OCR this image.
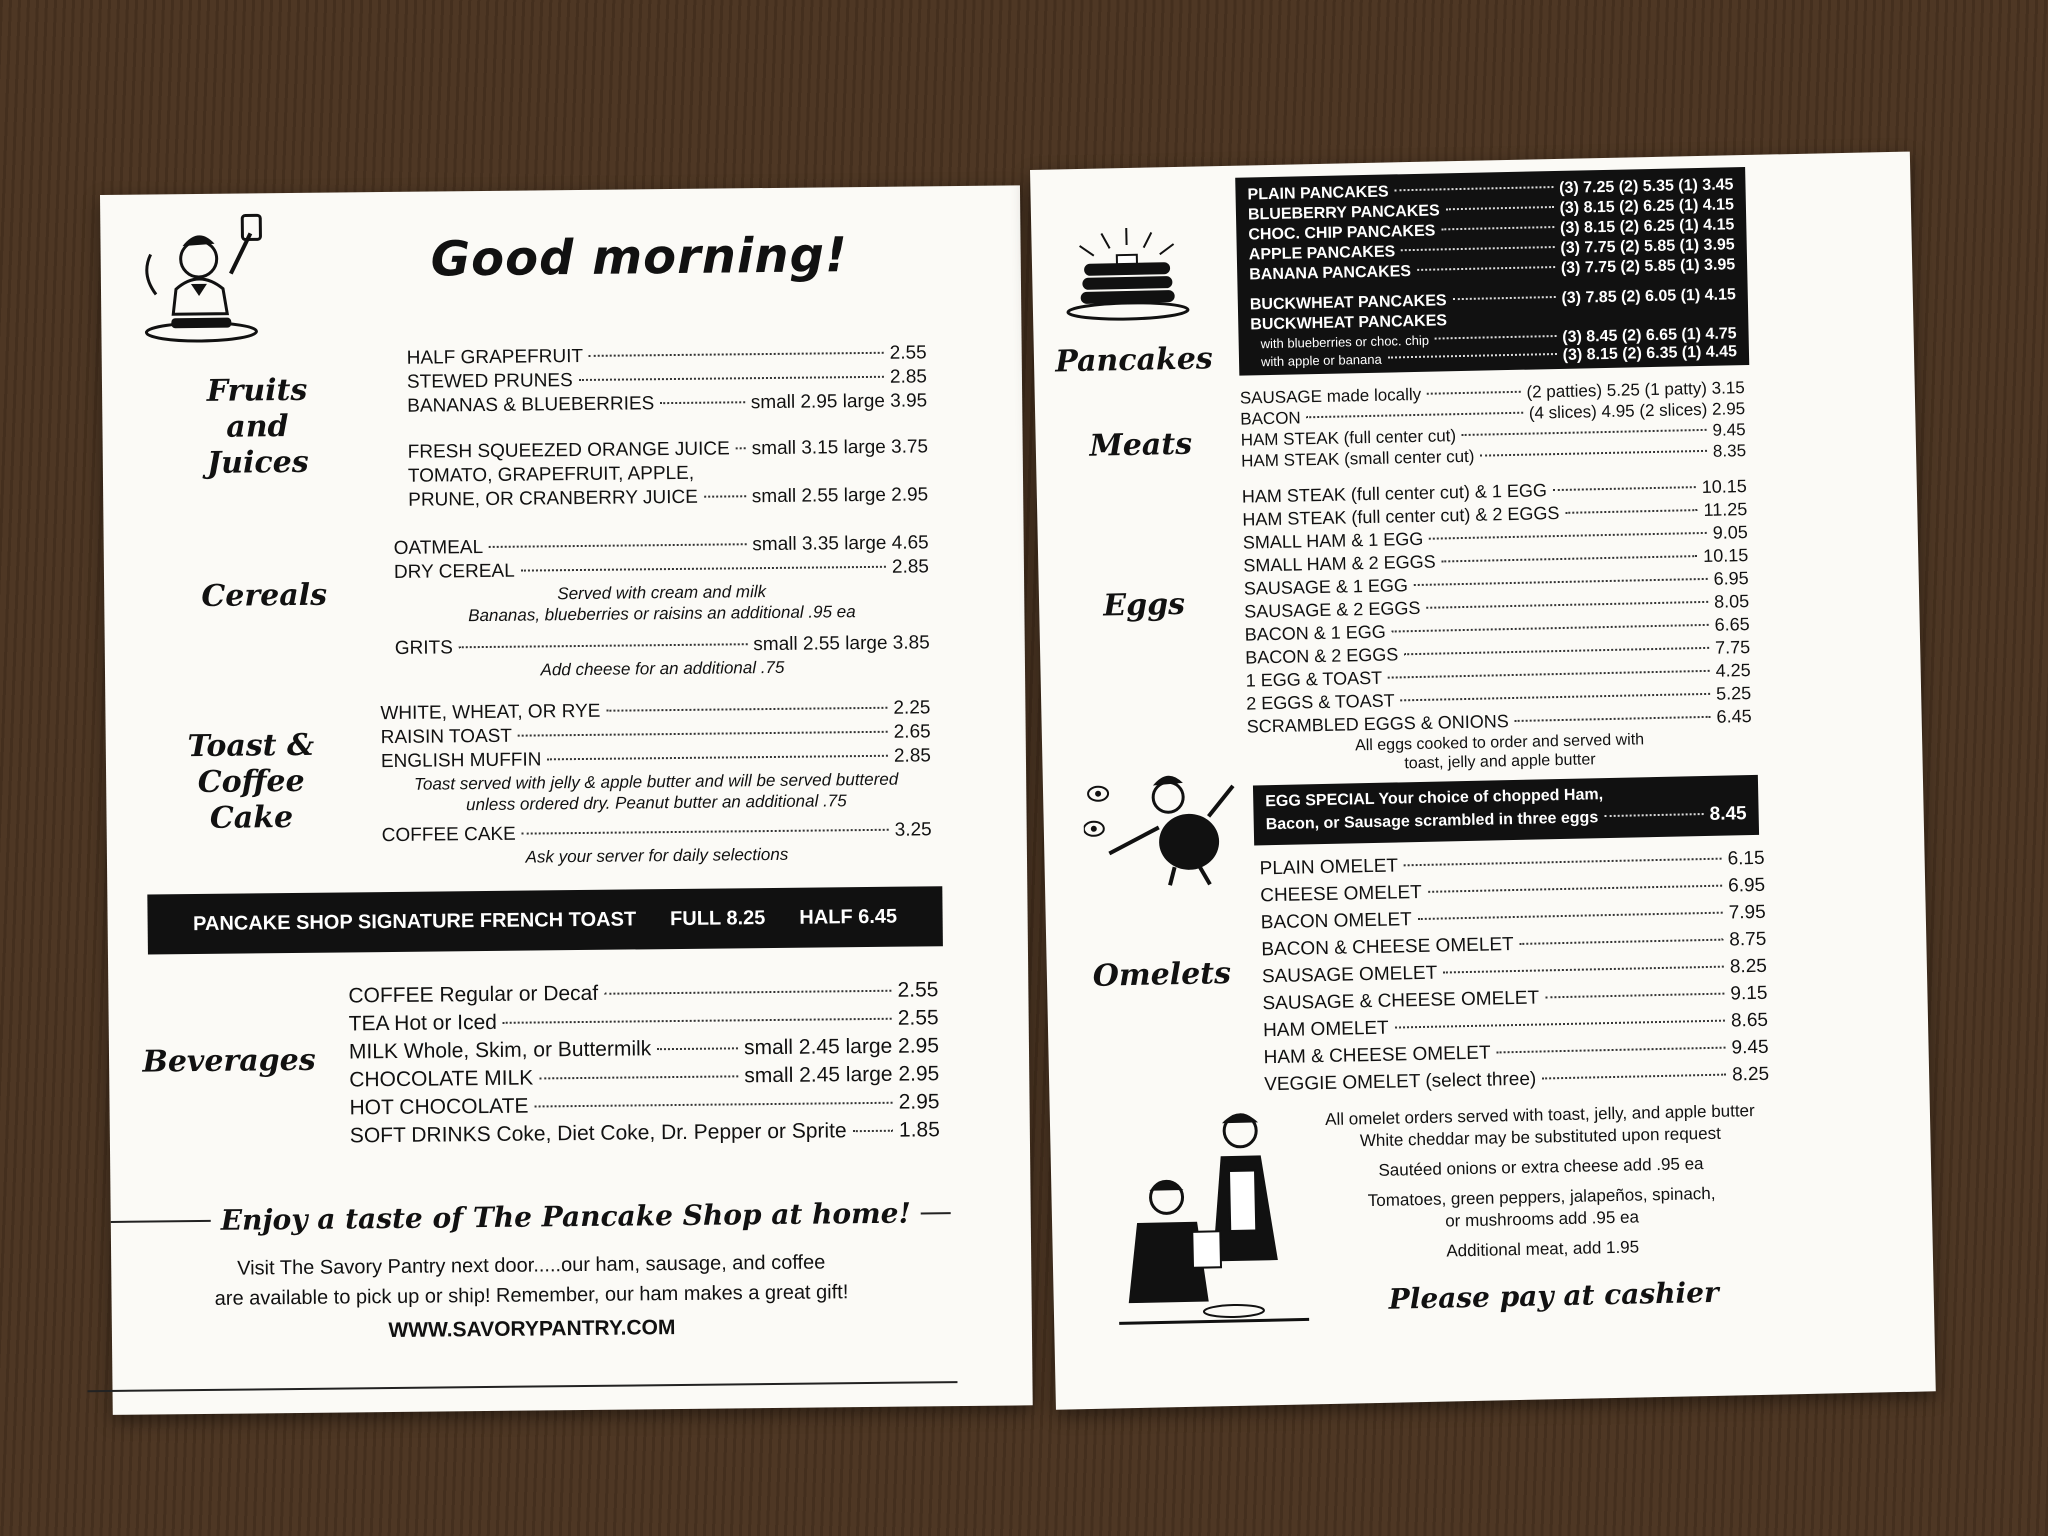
Good morning!
Fruits and Juices
HALF GRAPEFRUIT	2.55
STEWED PRUNES	2.85
BANANAS & BLUEBERRIES	small 2.95 large 3.95
FRESH SQUEEZED ORANGE JUICE small 3.15 large 3.75
TOMATO, GRAPEFRUIT, APPLE,
PRUNE, OR CRANBERRY JUICE	small 2.55 large 2.95
Cereals
OATMEAL	small 3.35 large 4.65
DRY CEREAL	2.85
Served with cream and milk
Bananas, blueberries or raisins an additional .95 ea
GRITS	small 2.55 large 3.85
Add cheese for an additional .75
Toast & Coffee Cake
WHITE, WHEAT, OR RYE	2.25
RAISIN TOAST	2.65
ENGLISH MUFFIN	2.85
Toast served with jelly & apple butter and will be served buttered unless ordered dry. Peanut butter an additional .75
COFFEE CAKE	3.25
Ask your server for daily selections
PANCAKE SHOP SIGNATURE FRENCH TOAST FULL 8.25 HALF 6.45
Beverages
COFFEE Regular or Decaf	2.55
TEA Hot or Iced	2.55
MILK Whole, Skim, or Buttermilk	small 2.45 large 2.95
CHOCOLATE MILK	small 2.45 large 2.95
HOT CHOCOLATE	2.95
SOFT DRINKS Coke, Diet Coke, Dr. Pepper or Sprite 1.85
Enjoy a taste of The Pancake Shop at home!
Visit The Savory Pantry next door.....our ham, sausage, and coffee
are available to pick up or ship! Remember, our ham makes a great gift!
WWW.SAVORYPANTRY.COM
Pancakes
PLAIN PANCAKES	(3) 7.25 (2) 5.35 (1) 3.45
BLUEBERRY PANCAKES	(3) 8.15 (2) 6.25 (1) 4.15
CHOC. CHIP PANCAKES	(3) 8.15 (2) 6.25 (1) 4.15
APPLE PANCAKES	(3) 7.75 (2) 5.85 (1) 3.95
BANANA PANCAKES	(3) 7.75 (2) 5.85 (1) 3.95
BUCKWHEAT PANCAKES	(3) 7.85 (2) 6.05 (1) 4.15
BUCKWHEAT PANCAKES
with blueberries or choc. chip	(3) 8.45 (2) 6.65 (1) 4.75
with apple or banana	(3) 8.15 (2) 6.35 (1) 4.45
Meats
SAUSAGE made locally	(2 patties) 5.25 (1 patty) 3.15
BACON	(4 slices) 4.95 (2 slices) 2.95
HAM STEAK (full center cut)	9.45
HAM STEAK (small center cut)	8.35
Eggs
HAM STEAK (full center cut) & 1 EGG	10.15
HAM STEAK (full center cut) & 2 EGGS	11.25
SMALL HAM & 1 EGG	9.05
SMALL HAM & 2 EGGS	10.15
SAUSAGE & 1 EGG	6.95
SAUSAGE & 2 EGGS	8.05
BACON & 1 EGG	6.65
BACON & 2 EGGS	7.75
1 EGG & TOAST	4.25
2 EGGS & TOAST	5.25
SCRAMBLED EGGS & ONIONS	6.45
All eggs cooked to order and served with toast, jelly and apple butter
EGG SPECIAL Your choice of chopped Ham,
Bacon, or Sausage scrambled in three eggs	8.45
Omelets
PLAIN OMELET	6.15
CHEESE OMELET	6.95
BACON OMELET	7.95
BACON & CHEESE OMELET	8.75
SAUSAGE OMELET	8.25
SAUSAGE & CHEESE OMELET	9.15
HAM OMELET	8.65
HAM & CHEESE OMELET	9.45
VEGGIE OMELET (select three)	8.25
All omelet orders served with toast, jelly, and apple butter
White cheddar may be substituted upon request
Sautéed onions or extra cheese add .95 ea
Tomatoes, green peppers, jalapeños, spinach,
or mushrooms add .95 ea
Additional meat, add 1.95
Please pay at cashier
